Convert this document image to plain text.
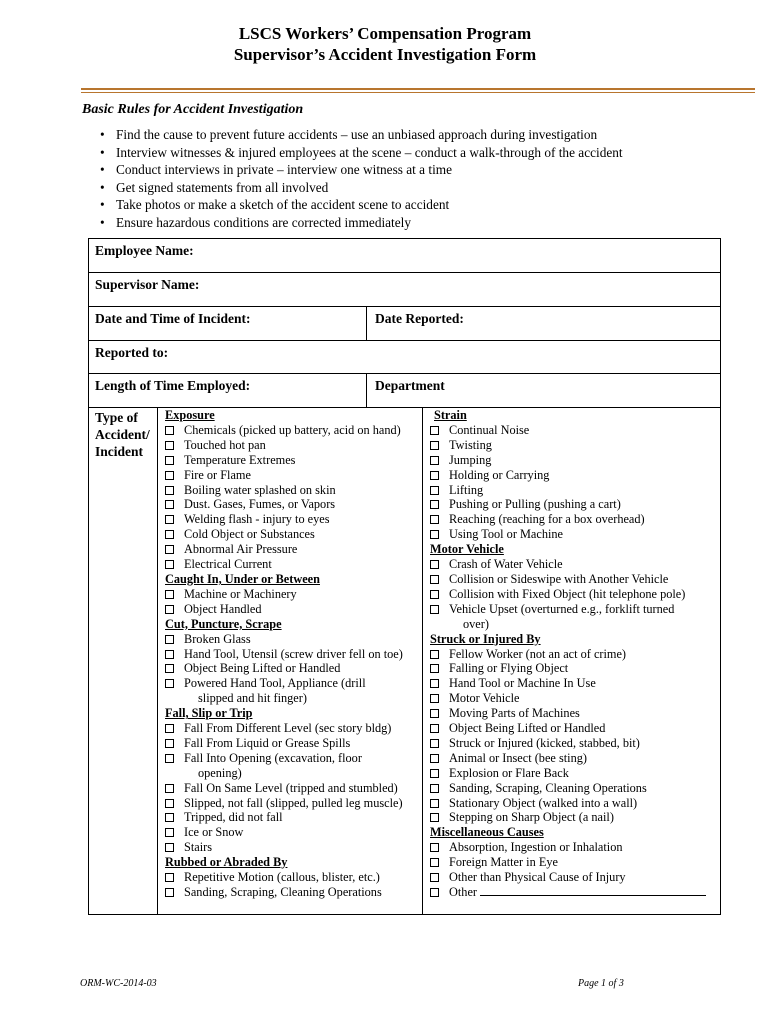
LSCS Workers’ Compensation Program
Supervisor’s Accident Investigation Form
Basic Rules for Accident Investigation
• Find the cause to prevent future accidents – use an unbiased approach during investigation
• Interview witnesses & injured employees at the scene – conduct a walk-through of the accident
• Conduct interviews in private – interview one witness at a time
• Get signed statements from all involved
• Take photos or make a sketch of the accident scene to accident
• Ensure hazardous conditions are corrected immediately
Employee Name:
Supervisor Name:
Date and Time of Incident:	Date Reported:
Reported to:
Length of Time Employed:	Department
Type of
Accident/
Incident
Exposure
Chemicals (picked up battery, acid on hand)
Touched hot pan
Temperature Extremes
Fire or Flame
Boiling water splashed on skin
Dust. Gases, Fumes, or Vapors
Welding flash - injury to eyes
Cold Object or Substances
Abnormal Air Pressure
Electrical Current
Caught In, Under or Between
Machine or Machinery
Object Handled
Cut, Puncture, Scrape
Broken Glass
Hand Tool, Utensil (screw driver fell on toe)
Object Being Lifted or Handled
Powered Hand Tool, Appliance (drill
slipped and hit finger)
Fall, Slip or Trip
Fall From Different Level (sec story bldg)
Fall From Liquid or Grease Spills
Fall Into Opening (excavation, floor
opening)
Fall On Same Level (tripped and stumbled)
Slipped, not fall (slipped, pulled leg muscle)
Tripped, did not fall
Ice or Snow
Stairs
Rubbed or Abraded By
Repetitive Motion (callous, blister, etc.)
Sanding, Scraping, Cleaning Operations
Strain
Continual Noise
Twisting
Jumping
Holding or Carrying
Lifting
Pushing or Pulling (pushing a cart)
Reaching (reaching for a box overhead)
Using Tool or Machine
Motor Vehicle
Crash of Water Vehicle
Collision or Sideswipe with Another Vehicle
Collision with Fixed Object (hit telephone pole)
Vehicle Upset (overturned e.g., forklift turned
over)
Struck or Injured By
Fellow Worker (not an act of crime)
Falling or Flying Object
Hand Tool or Machine In Use
Motor Vehicle
Moving Parts of Machines
Object Being Lifted or Handled
Struck or Injured (kicked, stabbed, bit)
Animal or Insect (bee sting)
Explosion or Flare Back
Sanding, Scraping, Cleaning Operations
Stationary Object (walked into a wall)
Stepping on Sharp Object (a nail)
Miscellaneous Causes
Absorption, Ingestion or Inhalation
Foreign Matter in Eye
Other than Physical Cause of Injury
Other
ORM-WC-2014-03	Page 1 of 3
